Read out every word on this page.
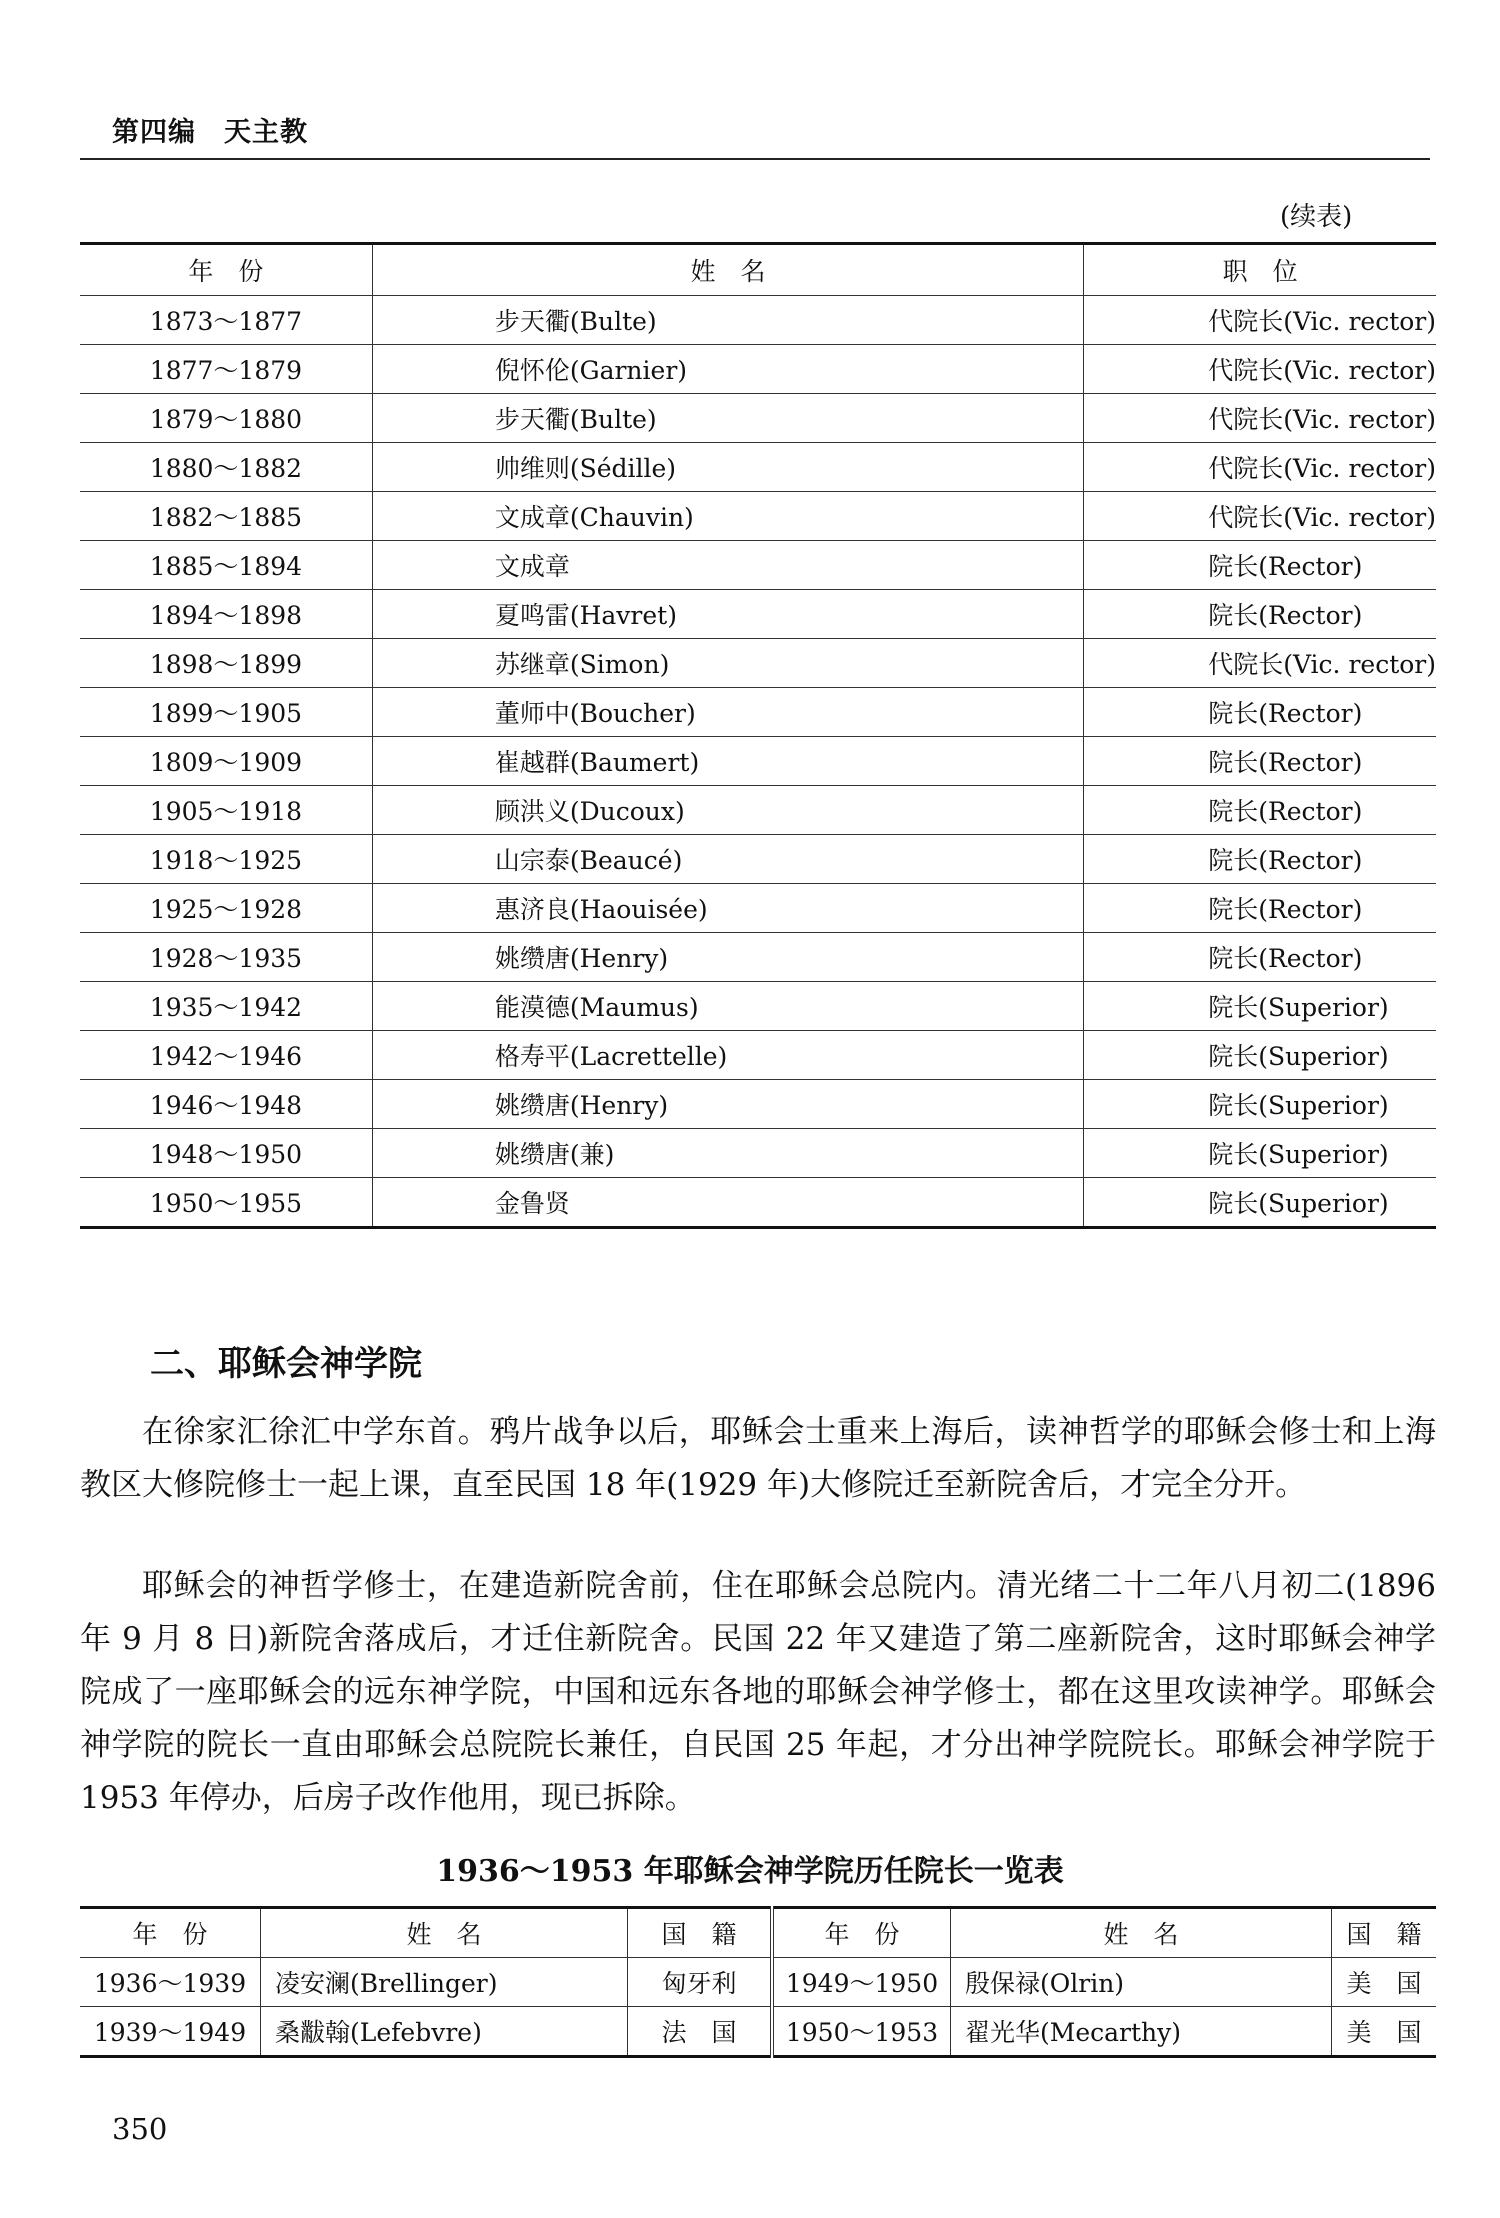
第四编　天主教
(续表)
年　份	姓　名	职　位
1873～1877	步天衢(Bulte)	代院长(Vic. rector)
1877～1879	倪怀伦(Garnier)	代院长(Vic. rector)
1879～1880	步天衢(Bulte)	代院长(Vic. rector)
1880～1882	帅维则(Sédille)	代院长(Vic. rector)
1882～1885	文成章(Chauvin)	代院长(Vic. rector)
1885～1894	文成章	院长(Rector)
1894～1898	夏鸣雷(Havret)	院长(Rector)
1898～1899	苏继章(Simon)	代院长(Vic. rector)
1899～1905	董师中(Boucher)	院长(Rector)
1809～1909	崔越群(Baumert)	院长(Rector)
1905～1918	顾洪义(Ducoux)	院长(Rector)
1918～1925	山宗泰(Beaucé)	院长(Rector)
1925～1928	惠济良(Haouisée)	院长(Rector)
1928～1935	姚缵唐(Henry)	院长(Rector)
1935～1942	能漠德(Maumus)	院长(Superior)
1942～1946	格寿平(Lacrettelle)	院长(Superior)
1946～1948	姚缵唐(Henry)	院长(Superior)
1948～1950	姚缵唐(兼)	院长(Superior)
1950～1955	金鲁贤	院长(Superior)
二、耶稣会神学院

在徐家汇徐汇中学东首。鸦片战争以后，耶稣会士重来上海后，读神哲学的耶稣会修士和上海教区大修院修士一起上课，直至民国 18 年(1929 年)大修院迁至新院舍后，才完全分开。

耶稣会的神哲学修士，在建造新院舍前，住在耶稣会总院内。清光绪二十二年八月初二(1896 年 9 月 8 日)新院舍落成后，才迁住新院舍。民国 22 年又建造了第二座新院舍，这时耶稣会神学院成了一座耶稣会的远东神学院，中国和远东各地的耶稣会神学修士，都在这里攻读神学。耶稣会神学院的院长一直由耶稣会总院院长兼任，自民国 25 年起，才分出神学院院长。耶稣会神学院于 1953 年停办，后房子改作他用，现已拆除。

1936～1953 年耶稣会神学院历任院长一览表
年　份	姓　名	国　籍	年　份	姓　名	国　籍
1936～1939	凌安澜(Brellinger)	匈牙利	1949～1950	殷保禄(Olrin)	美　国
1939～1949	桑黻翰(Lefebvre)	法　国	1950～1953	翟光华(Mecarthy)	美　国
350
